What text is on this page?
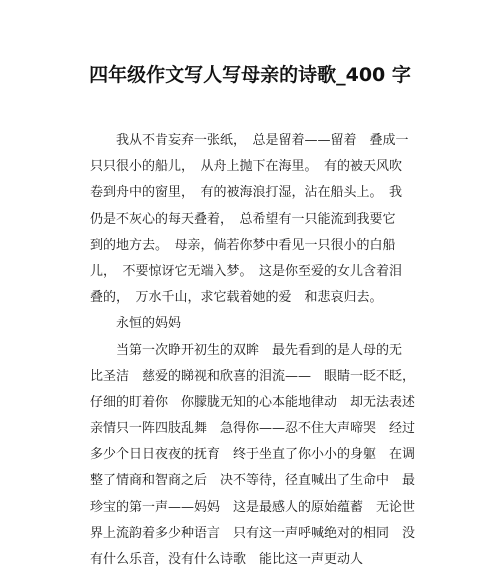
四年级作文写人写母亲的诗歌_400 字
我从不肯妄弃一张纸，　总是留着——留着　叠成一
只只很小的船儿，　从舟上抛下在海里。　有的被天风吹
卷到舟中的窗里，　有的被海浪打湿，沾在船头上。　我
仍是不灰心的每天叠着，　总希望有一只能流到我要它
到的地方去。　母亲，倘若你梦中看见一只很小的白船
儿，　不要惊讶它无端入梦。　这是你至爱的女儿含着泪
叠的，　万水千山，求它载着她的爱　和悲哀归去。
永恒的妈妈
当第一次睁开初生的双眸　最先看到的是人母的无
比圣洁　慈爱的睇视和欣喜的泪流——　眼睛一眨不眨，
仔细的盯着你　你朦胧无知的心本能地律动　却无法表述
亲情只一阵四肢乱舞　急得你——忍不住大声啼哭　经过
多少个日日夜夜的抚育　终于坐直了你小小的身躯　在调
整了情商和智商之后　决不等待，径直喊出了生命中　最
珍宝的第一声——妈妈　这是最感人的原始蕴蓄　无论世
界上流韵着多少种语言　只有这一声呼喊绝对的相同　没
有什么乐音，没有什么诗歌　能比这一声更动人
